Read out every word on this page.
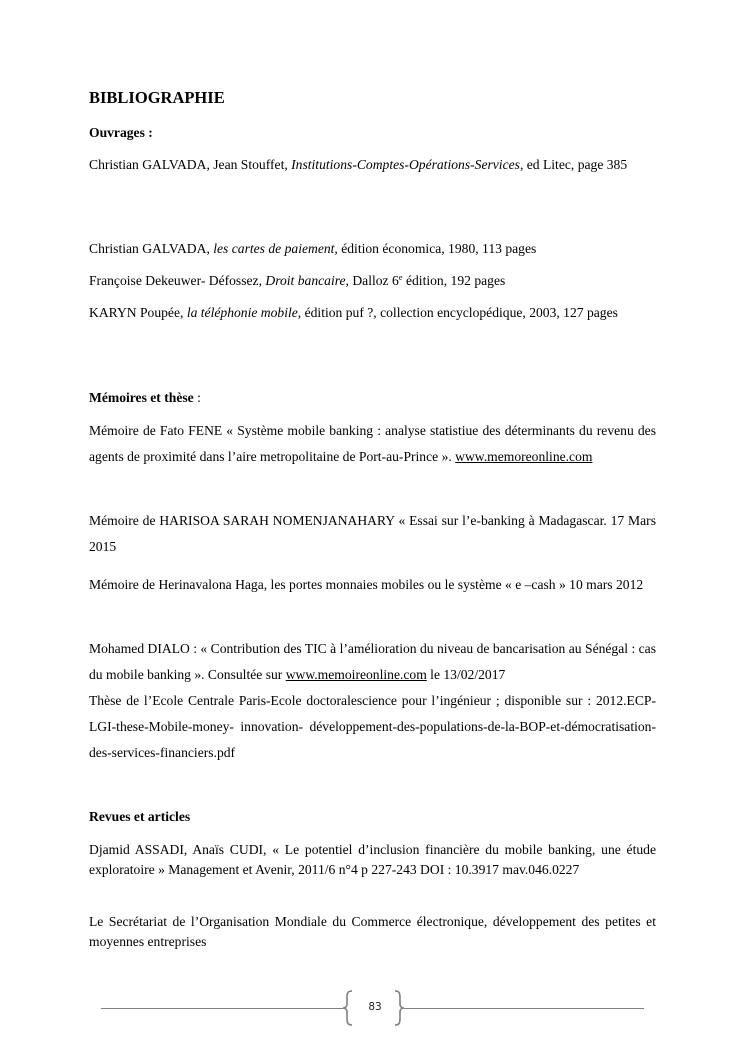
BIBLIOGRAPHIE
Ouvrages :

Christian GALVADA, Jean Stouffet, Institutions-Comptes-Opérations-Services, ed Litec, page 385

Christian GALVADA, les cartes de paiement, édition économica, 1980, 113 pages

Françoise Dekeuwer- Défossez, Droit bancaire, Dalloz 6e édition, 192 pages

KARYN Poupée, la téléphonie mobile, édition puf ?, collection encyclopédique, 2003, 127 pages

Mémoires et thèse :

Mémoire de Fato FENE « Système mobile banking : analyse statistiue des déterminants du revenu des agents de proximité dans l’aire metropolitaine de Port-au-Prince ». www.memoreonline.com

Mémoire de HARISOA SARAH NOMENJANAHARY « Essai sur l’e-banking à Madagascar. 17 Mars 2015

Mémoire de Herinavalona Haga, les portes monnaies mobiles ou le système « e –cash » 10 mars 2012

Mohamed DIALO : « Contribution des TIC à l’amélioration du niveau de bancarisation au Sénégal : cas du mobile banking ». Consultée sur www.memoireonline.com le 13/02/2017

Thèse de l’Ecole Centrale Paris-Ecole doctoralescience pour l’ingénieur ; disponible sur : 2012.ECP-LGI-these-Mobile-money- innovation- développement-des-populations-de-la-BOP-et-démocratisation-des-services-financiers.pdf

Revues et articles

Djamid ASSADI, Anaïs CUDI, « Le potentiel d’inclusion financière du mobile banking, une étude exploratoire » Management et Avenir, 2011/6 n°4 p 227-243 DOI : 10.3917 mav.046.0227

Le Secrétariat de l’Organisation Mondiale du Commerce électronique, développement des petites et moyennes entreprises

83
